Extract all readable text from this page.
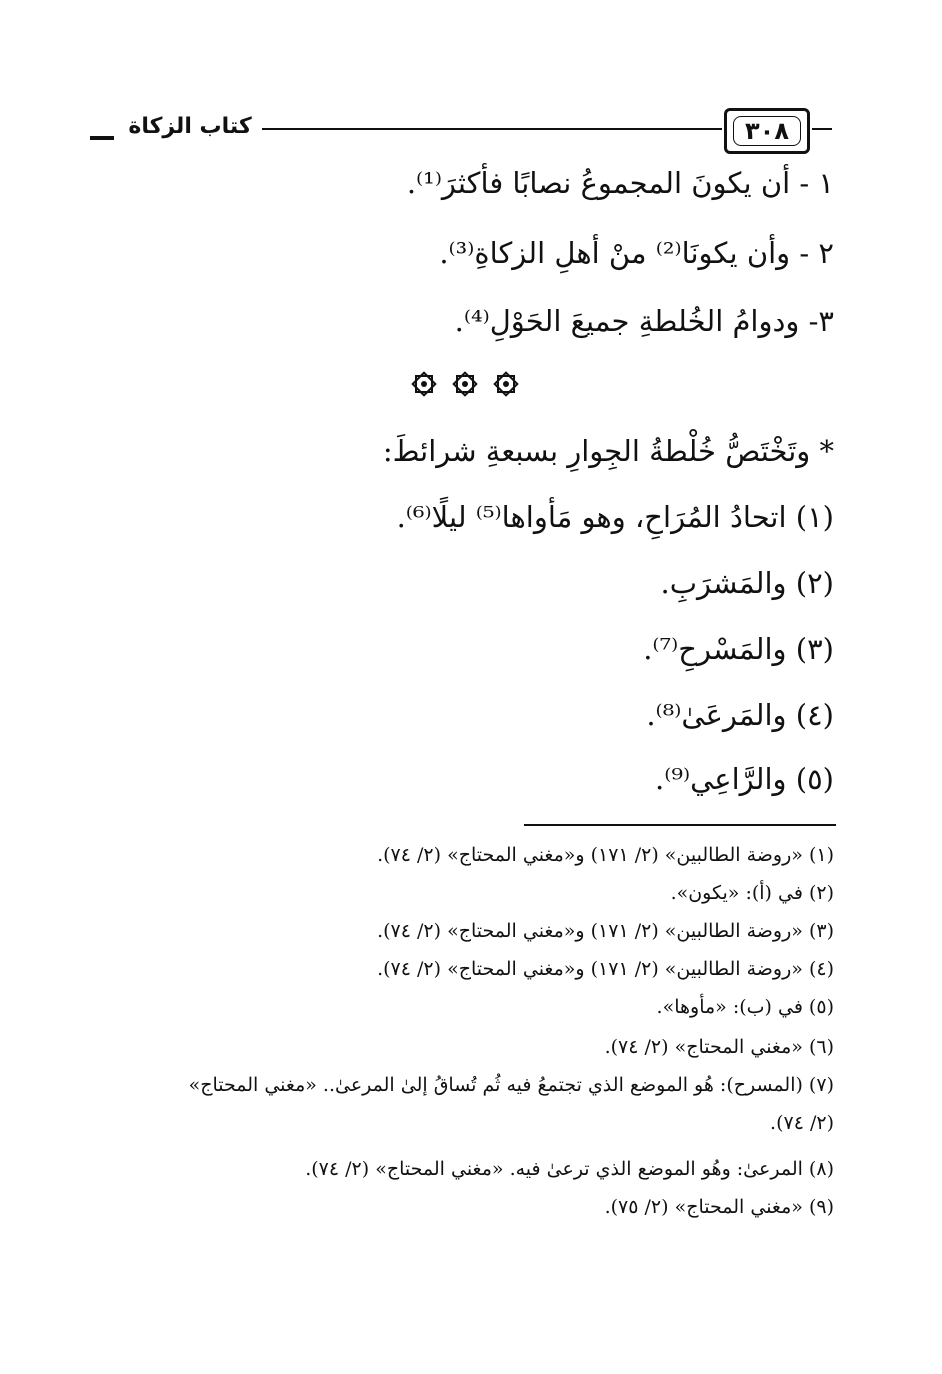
٣٠٨
كتاب الزكاة
١ - أن يكونَ المجموعُ نصابًا فأكثرَ⁽¹⁾.
٢ - وأن يكونَا⁽²⁾ منْ أهلِ الزكاةِ⁽³⁾.
٣- ودوامُ الخُلطةِ جميعَ الحَوْلِ⁽⁴⁾.
* وتَخْتَصُّ خُلْطةُ الجِوارِ بسبعةِ شرائطَ:
(١) اتحادُ المُرَاحِ، وهو مَأواها⁽⁵⁾ ليلًا⁽⁶⁾.
(٢) والمَشرَبِ.
(٣) والمَسْرحِ⁽⁷⁾.
(٤) والمَرعَىٰ⁽⁸⁾.
(٥) والرَّاعِي⁽⁹⁾.
(١) «روضة الطالبين» (٢/ ١٧١) و«مغني المحتاج» (٢/ ٧٤).
(٢) في (أ): «يكون».
(٣) «روضة الطالبين» (٢/ ١٧١) و«مغني المحتاج» (٢/ ٧٤).
(٤) «روضة الطالبين» (٢/ ١٧١) و«مغني المحتاج» (٢/ ٧٤).
(٥) في (ب): «مأوها».
(٦) «مغني المحتاج» (٢/ ٧٤).
(٧) (المسرح): هُو الموضع الذي تجتمعُ فيه ثُم تُساقُ إلىٰ المرعىٰ.. «مغني المحتاج»
(٢/ ٧٤).
(٨) المرعىٰ: وهُو الموضع الذي ترعىٰ فيه. «مغني المحتاج» (٢/ ٧٤).
(٩) «مغني المحتاج» (٢/ ٧٥).
